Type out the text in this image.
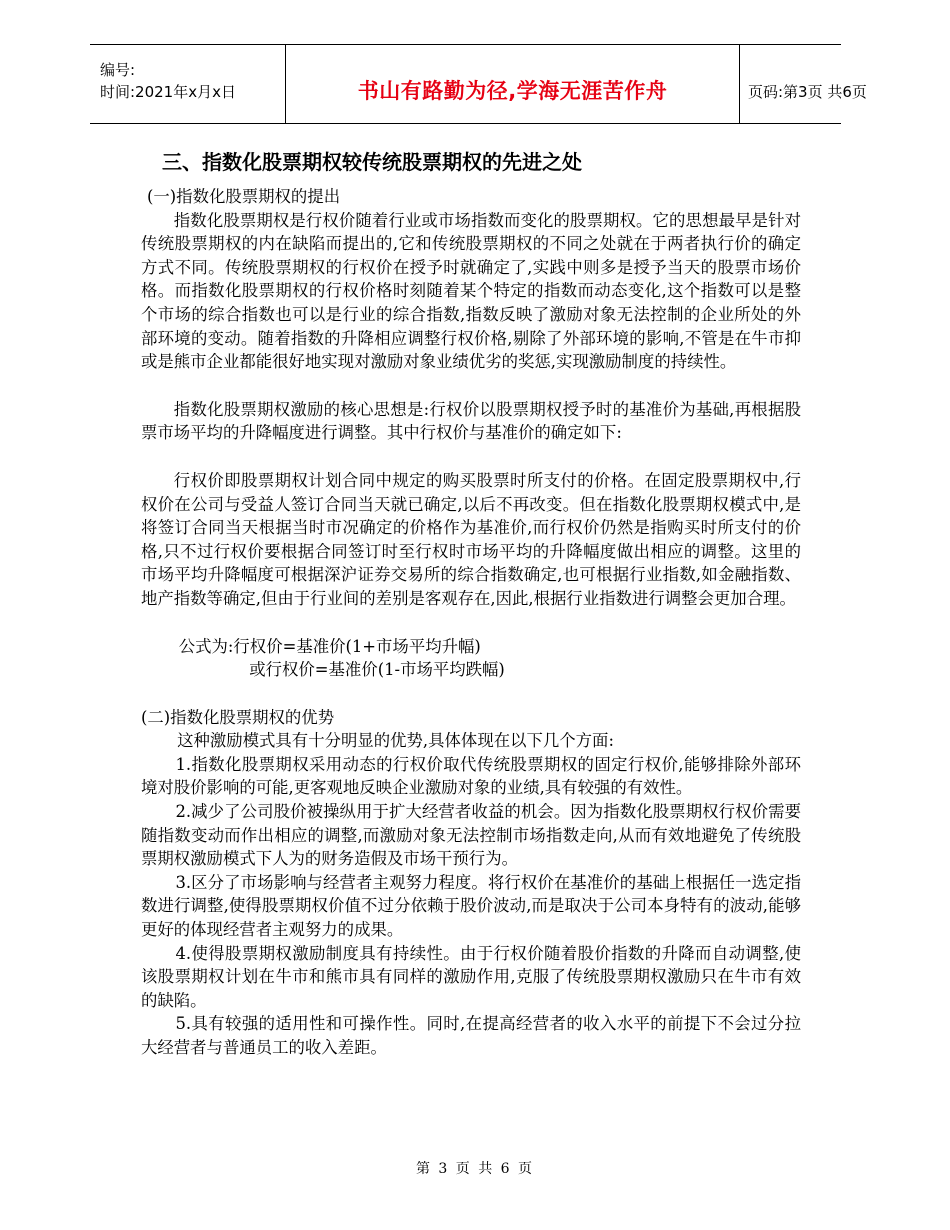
编号:
时间:2021年x月x日	书山有路勤为径,学海无涯苦作舟	页码:第3页 共6页
三、指数化股票期权较传统股票期权的先进之处

(一)指数化股票期权的提出

指数化股票期权是行权价随着行业或市场指数而变化的股票期权。它的思想最早是针对传统股票期权的内在缺陷而提出的,它和传统股票期权的不同之处就在于两者执行价的确定方式不同。传统股票期权的行权价在授予时就确定了,实践中则多是授予当天的股票市场价格。而指数化股票期权的行权价格时刻随着某个特定的指数而动态变化,这个指数可以是整个市场的综合指数也可以是行业的综合指数,指数反映了激励对象无法控制的企业所处的外部环境的变动。随着指数的升降相应调整行权价格,剔除了外部环境的影响,不管是在牛市抑或是熊市企业都能很好地实现对激励对象业绩优劣的奖惩,实现激励制度的持续性。

指数化股票期权激励的核心思想是:行权价以股票期权授予时的基准价为基础,再根据股票市场平均的升降幅度进行调整。其中行权价与基准价的确定如下:

行权价即股票期权计划合同中规定的购买股票时所支付的价格。在固定股票期权中,行权价在公司与受益人签订合同当天就已确定,以后不再改变。但在指数化股票期权模式中,是将签订合同当天根据当时市况确定的价格作为基准价,而行权价仍然是指购买时所支付的价格,只不过行权价要根据合同签订时至行权时市场平均的升降幅度做出相应的调整。这里的市场平均升降幅度可根据深沪证券交易所的综合指数确定,也可根据行业指数,如金融指数、地产指数等确定,但由于行业间的差别是客观存在,因此,根据行业指数进行调整会更加合理。

公式为:行权价=基准价(1+市场平均升幅)

或行权价=基准价(1-市场平均跌幅)

(二)指数化股票期权的优势

这种激励模式具有十分明显的优势,具体体现在以下几个方面:

1.指数化股票期权采用动态的行权价取代传统股票期权的固定行权价,能够排除外部环境对股价影响的可能,更客观地反映企业激励对象的业绩,具有较强的有效性。

2.减少了公司股价被操纵用于扩大经营者收益的机会。因为指数化股票期权行权价需要随指数变动而作出相应的调整,而激励对象无法控制市场指数走向,从而有效地避免了传统股票期权激励模式下人为的财务造假及市场干预行为。

3.区分了市场影响与经营者主观努力程度。将行权价在基准价的基础上根据任一选定指数进行调整,使得股票期权价值不过分依赖于股价波动,而是取决于公司本身特有的波动,能够更好的体现经营者主观努力的成果。

4.使得股票期权激励制度具有持续性。由于行权价随着股价指数的升降而自动调整,使该股票期权计划在牛市和熊市具有同样的激励作用,克服了传统股票期权激励只在牛市有效的缺陷。

5.具有较强的适用性和可操作性。同时,在提高经营者的收入水平的前提下不会过分拉大经营者与普通员工的收入差距。

第 3 页 共 6 页
